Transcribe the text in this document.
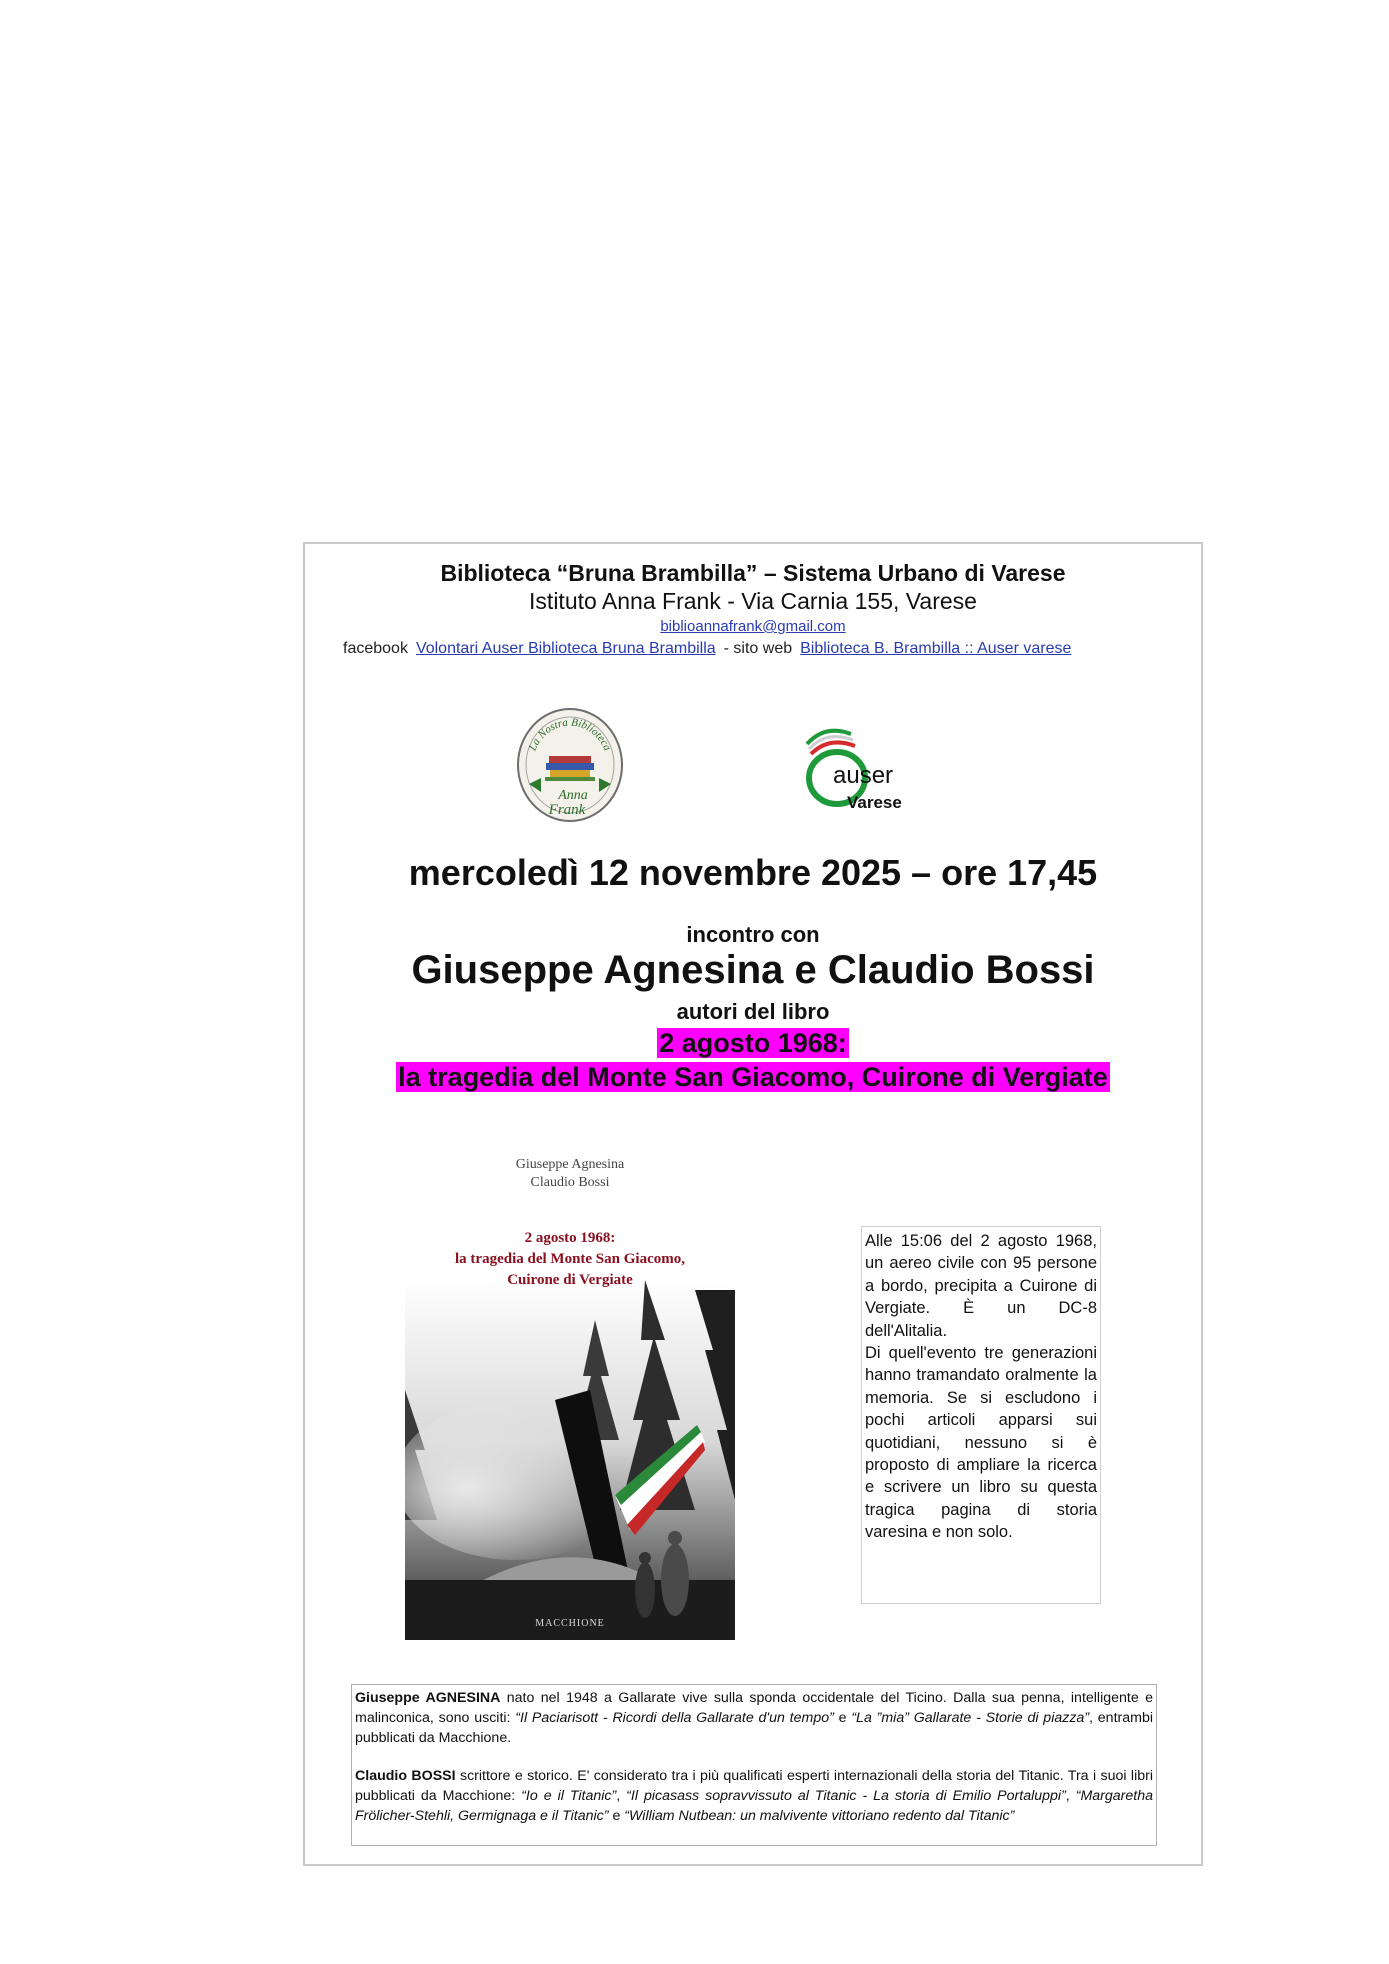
Biblioteca “Bruna Brambilla” – Sistema Urbano di Varese
Istituto Anna Frank - Via Carnia 155, Varese
biblioannafrank@gmail.com
facebook Volontari Auser Biblioteca Bruna Brambilla - sito web Biblioteca B. Brambilla :: Auser varese
La Nostra Biblioteca
Anna
Frank
auser
Varese
mercoledì 12 novembre 2025 – ore 17,45
incontro con
Giuseppe Agnesina e Claudio Bossi
autori del libro
2 agosto 1968:
la tragedia del Monte San Giacomo, Cuirone di Vergiate
Giuseppe Agnesina
Claudio Bossi
2 agosto 1968:
la tragedia del Monte San Giacomo,
Cuirone di Vergiate
MACCHIONE

Alle 15:06 del 2 agosto 1968, un aereo civile con 95 persone a bordo, precipita a Cuirone di Vergiate. È un DC-8 dell'Alitalia.

Di quell'evento tre generazioni hanno tramandato oralmente la memoria. Se si escludono i pochi articoli apparsi sui quotidiani, nessuno si è proposto di ampliare la ricerca e scrivere un libro su questa tragica pagina di storia varesina e non solo.

Giuseppe AGNESINA nato nel 1948 a Gallarate vive sulla sponda occidentale del Ticino. Dalla sua penna, intelligente e malinconica, sono usciti: “Il Paciarisott - Ricordi della Gallarate d'un tempo” e “La ”mia” Gallarate - Storie di piazza”, entrambi pubblicati da Macchione.

Claudio BOSSI scrittore e storico. E' considerato tra i più qualificati esperti internazionali della storia del Titanic. Tra i suoi libri pubblicati da Macchione: “Io e il Titanic”, “Il picasass sopravvissuto al Titanic - La storia di Emilio Portaluppi”, “Margaretha Frölicher-Stehli, Germignaga e il Titanic” e “William Nutbean: un malvivente vittoriano redento dal Titanic”
